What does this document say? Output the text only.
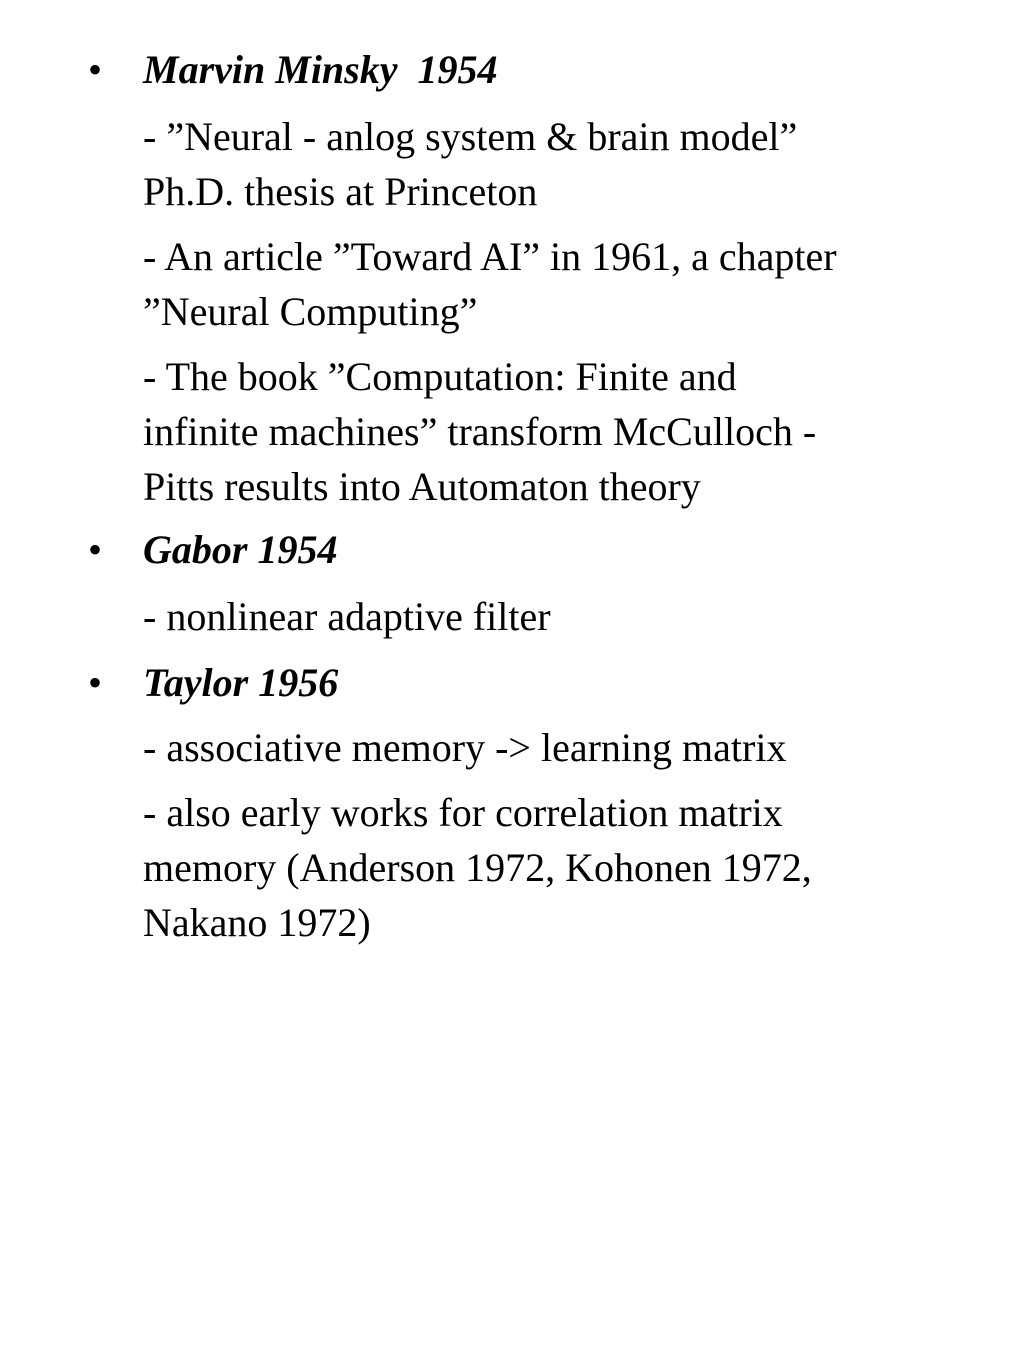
• Marvin Minsky  1954
- ”Neural - anlog system & brain model”
Ph.D. thesis at Princeton
- An article ”Toward AI” in 1961, a chapter
”Neural Computing”
- The book ”Computation: Finite and
infinite machines” transform McCulloch -
Pitts results into Automaton theory
• Gabor 1954
- nonlinear adaptive filter
• Taylor 1956
- associative memory -> learning matrix
- also early works for correlation matrix
memory (Anderson 1972, Kohonen 1972,
Nakano 1972)
